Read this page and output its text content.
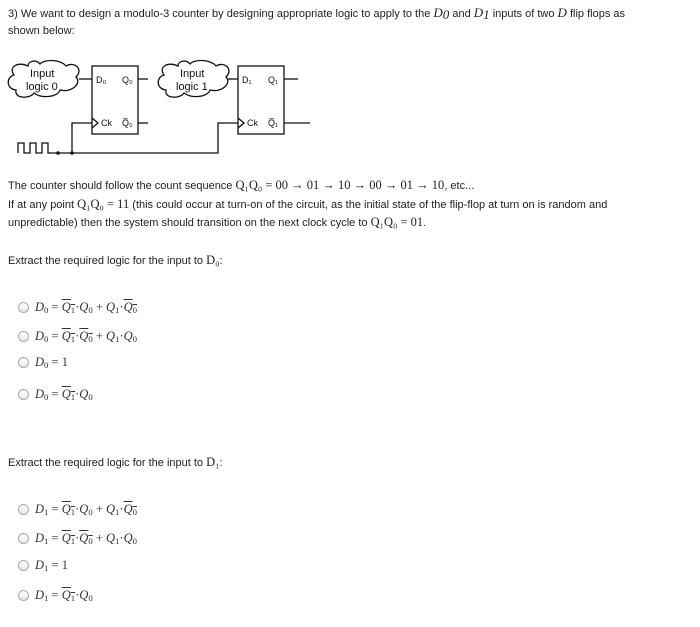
3) We want to design a modulo-3 counter by designing appropriate logic to apply to the $D_0$ and $D_1$ inputs of two D flip flops as
shown below:
Input
logic 0
Input
logic 1
D₀ Q₀
Ck Q̅₀
D₁ Q₁
Ck Q̅₁
The counter should follow the count sequence Q₁Q₀ = 00 → 01 → 10 → 00 → 01 → 10, etc...
If at any point Q₁Q₀ = 11 (this could occur at turn-on of the circuit, as the initial state of the flip-flop at turn on is random and
unpredictable) then the system should transition on the next clock cycle to Q₁Q₀ = 01.
Extract the required logic for the input to D₀:
$D_0 = Q_1\cdot Q_0 + Q_1\cdot Q_0$
$D_0 = Q_1\cdot Q_0 + Q_1\cdot Q_0$
$D_0 = 1$
$D_0 = Q_1\cdot Q_0$
Extract the required logic for the input to D₁:
$D_1 = Q_1\cdot Q_0 + Q_1\cdot Q_0$
$D_1 = Q_1\cdot Q_0 + Q_1\cdot Q_0$
$D_1 = 1$
$D_1 = Q_1\cdot Q_0$
